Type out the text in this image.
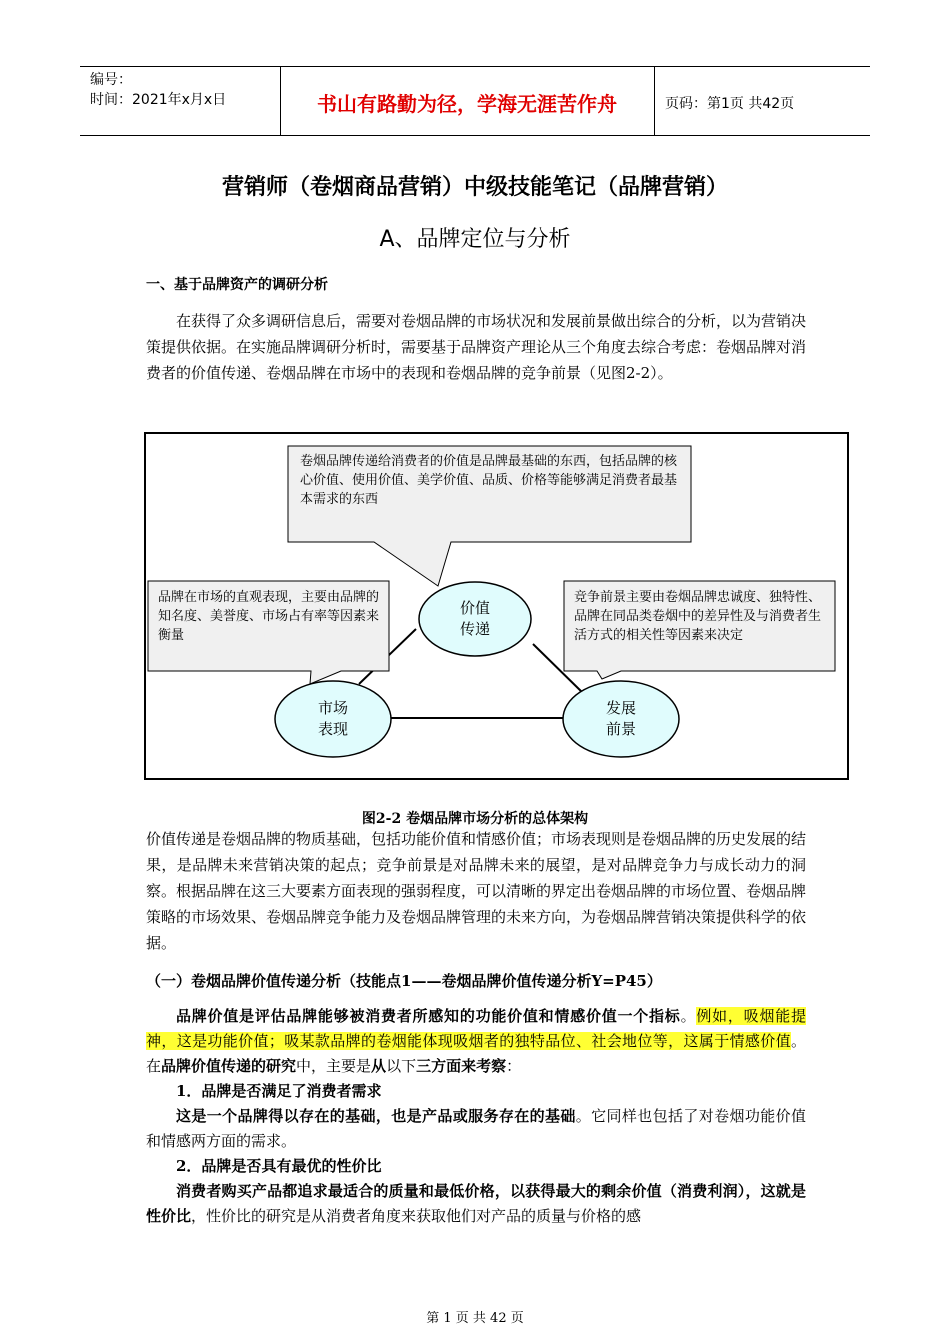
编号：
时间：2021年x月x日	书山有路勤为径，学海无涯苦作舟	页码：第1页 共42页
营销师（卷烟商品营销）中级技能笔记（品牌营销）
A、品牌定位与分析
一、基于品牌资产的调研分析
在获得了众多调研信息后，需要对卷烟品牌的市场状况和发展前景做出综合的分析，以为营销决策提供依据。在实施品牌调研分析时，需要基于品牌资产理论从三个角度去综合考虑：卷烟品牌对消费者的价值传递、卷烟品牌在市场中的表现和卷烟品牌的竞争前景（见图2-2）。
卷烟品牌传递给消费者的价值是品牌最基础的东西，包括品牌的核心价值、使用价值、美学价值、品质、价格等能够满足消费者最基本需求的东西
品牌在市场的直观表现，主要由品牌的知名度、美誉度、市场占有率等因素来衡量
竞争前景主要由卷烟品牌忠诚度、独特性、品牌在同品类卷烟中的差异性及与消费者生活方式的相关性等因素来决定
价值
传递
市场
表现
发展
前景
图2-2 卷烟品牌市场分析的总体架构
价值传递是卷烟品牌的物质基础，包括功能价值和情感价值；市场表现则是卷烟品牌的历史发展的结果，是品牌未来营销决策的起点；竞争前景是对品牌未来的展望，是对品牌竞争力与成长动力的洞察。根据品牌在这三大要素方面表现的强弱程度，可以清晰的界定出卷烟品牌的市场位置、卷烟品牌策略的市场效果、卷烟品牌竞争能力及卷烟品牌管理的未来方向，为卷烟品牌营销决策提供科学的依据。
（一）卷烟品牌价值传递分析（技能点1——卷烟品牌价值传递分析Y=P45）
品牌价值是评估品牌能够被消费者所感知的功能价值和情感价值一个指标。例如，吸烟能提神，这是功能价值；吸某款品牌的卷烟能体现吸烟者的独特品位、社会地位等，这属于情感价值。在品牌价值传递的研究中，主要是从以下三方面来考察：
1．品牌是否满足了消费者需求
这是一个品牌得以存在的基础，也是产品或服务存在的基础。它同样也包括了对卷烟功能价值和情感两方面的需求。
2．品牌是否具有最优的性价比
消费者购买产品都追求最适合的质量和最低价格，以获得最大的剩余价值（消费利润），这就是性价比，性价比的研究是从消费者角度来获取他们对产品的质量与价格的感
第 1 页 共 42 页
